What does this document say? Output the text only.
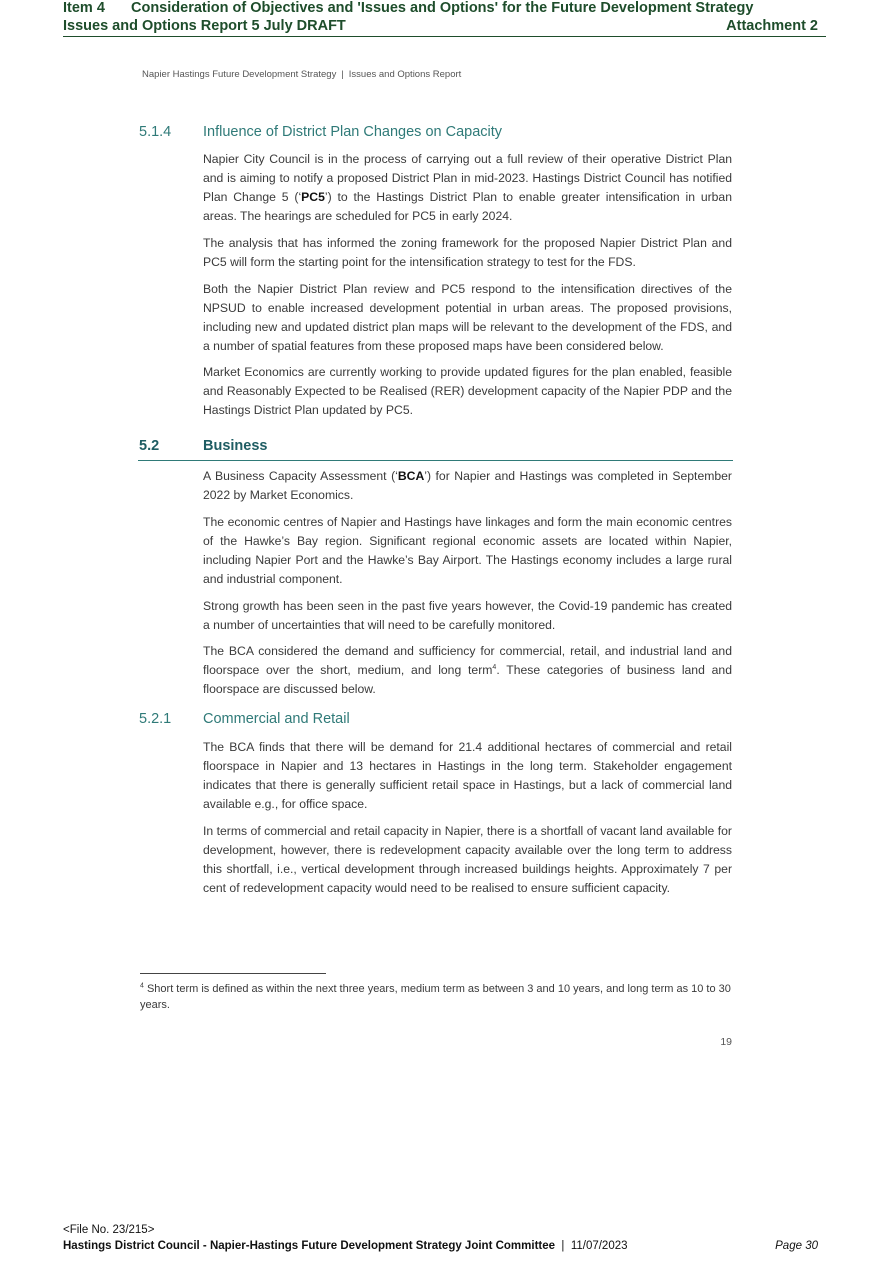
Item 4 Consideration of Objectives and 'Issues and Options' for the Future Development Strategy
Issues and Options Report 5 July DRAFT	Attachment 2
Napier Hastings Future Development Strategy | Issues and Options Report
5.1.4 Influence of District Plan Changes on Capacity

Napier City Council is in the process of carrying out a full review of their operative District Plan and is aiming to notify a proposed District Plan in mid-2023. Hastings District Council has notified Plan Change 5 (‘PC5’) to the Hastings District Plan to enable greater intensification in urban areas. The hearings are scheduled for PC5 in early 2024.

The analysis that has informed the zoning framework for the proposed Napier District Plan and PC5 will form the starting point for the intensification strategy to test for the FDS.

Both the Napier District Plan review and PC5 respond to the intensification directives of the NPSUD to enable increased development potential in urban areas. The proposed provisions, including new and updated district plan maps will be relevant to the development of the FDS, and a number of spatial features from these proposed maps have been considered below.

Market Economics are currently working to provide updated figures for the plan enabled, feasible and Reasonably Expected to be Realised (RER) development capacity of the Napier PDP and the Hastings District Plan updated by PC5.

5.2	Business

A Business Capacity Assessment (‘BCA’) for Napier and Hastings was completed in September 2022 by Market Economics.

The economic centres of Napier and Hastings have linkages and form the main economic centres of the Hawke’s Bay region. Significant regional economic assets are located within Napier, including Napier Port and the Hawke’s Bay Airport. The Hastings economy includes a large rural and industrial component.

Strong growth has been seen in the past five years however, the Covid-19 pandemic has created a number of uncertainties that will need to be carefully monitored.

The BCA considered the demand and sufficiency for commercial, retail, and industrial land and floorspace over the short, medium, and long term$^4$. These categories of business land and floorspace are discussed below.

5.2.1 Commercial and Retail

The BCA finds that there will be demand for 21.4 additional hectares of commercial and retail floorspace in Napier and 13 hectares in Hastings in the long term. Stakeholder engagement indicates that there is generally sufficient retail space in Hastings, but a lack of commercial land available e.g., for office space.

In terms of commercial and retail capacity in Napier, there is a shortfall of vacant land available for development, however, there is redevelopment capacity available over the long term to address this shortfall, i.e., vertical development through increased buildings heights. Approximately 7 per cent of redevelopment capacity would need to be realised to ensure sufficient capacity.

$^4$ Short term is defined as within the next three years, medium term as between 3 and 10 years, and long term as 10 to 30 years.
19
<File No. 23/215>
Hastings District Council - Napier-Hastings Future Development Strategy Joint Committee | 11/07/2023	Page 30
